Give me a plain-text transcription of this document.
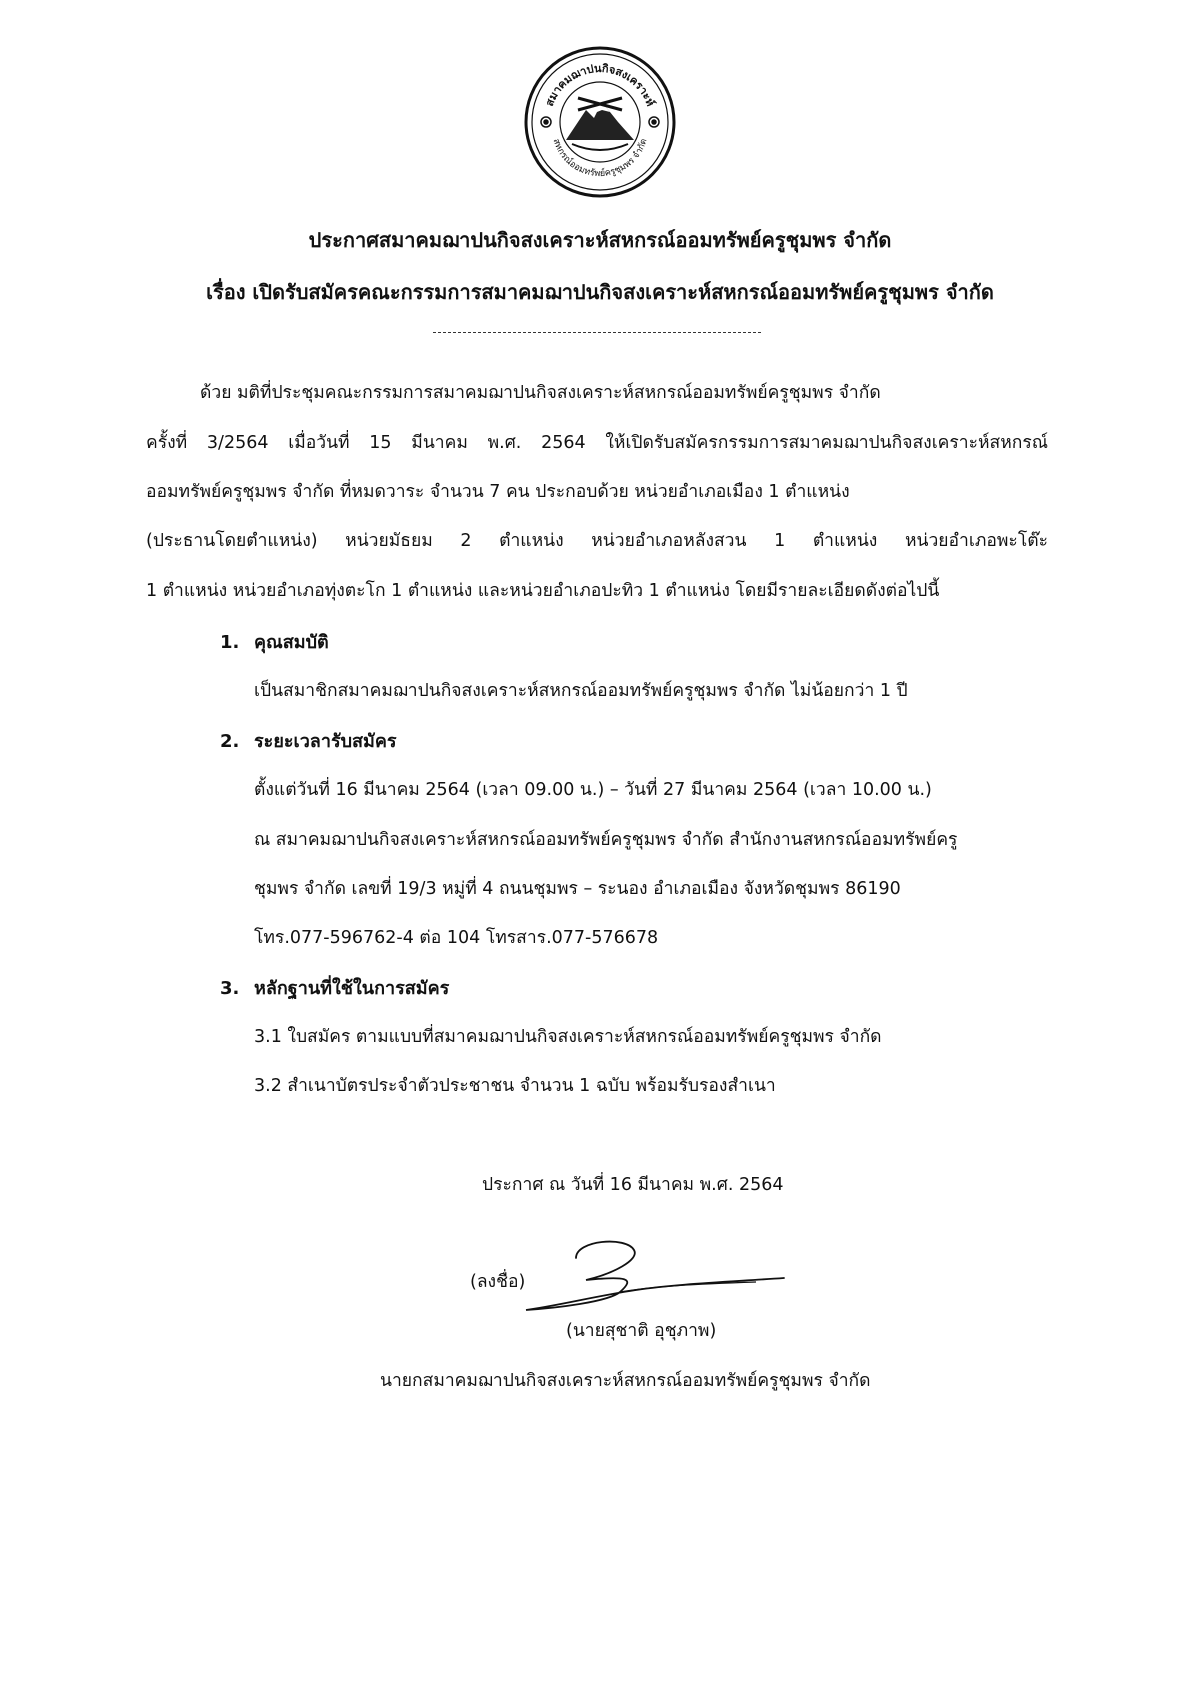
สมาคมฌาปนกิจสงเคราะห์
สหกรณ์ออมทรัพย์ครูชุมพร จำกัด
ประกาศสมาคมฌาปนกิจสงเคราะห์สหกรณ์ออมทรัพย์ครูชุมพร จำกัด
เรื่อง เปิดรับสมัครคณะกรรมการสมาคมฌาปนกิจสงเคราะห์สหกรณ์ออมทรัพย์ครูชุมพร จำกัด
ด้วย มติที่ประชุมคณะกรรมการสมาคมฌาปนกิจสงเคราะห์สหกรณ์ออมทรัพย์ครูชุมพร จำกัด
ครั้งที่ 3/2564 เมื่อวันที่ 15 มีนาคม พ.ศ. 2564 ให้เปิดรับสมัครกรรมการสมาคมฌาปนกิจสงเคราะห์สหกรณ์
ออมทรัพย์ครูชุมพร จำกัด ที่หมดวาระ จำนวน 7 คน ประกอบด้วย หน่วยอำเภอเมือง 1 ตำแหน่ง
(ประธานโดยตำแหน่ง) หน่วยมัธยม 2 ตำแหน่ง หน่วยอำเภอหลังสวน 1 ตำแหน่ง หน่วยอำเภอพะโต๊ะ
1 ตำแหน่ง หน่วยอำเภอทุ่งตะโก 1 ตำแหน่ง และหน่วยอำเภอปะทิว 1 ตำแหน่ง โดยมีรายละเอียดดังต่อไปนี้
1. คุณสมบัติ
เป็นสมาชิกสมาคมฌาปนกิจสงเคราะห์สหกรณ์ออมทรัพย์ครูชุมพร จำกัด ไม่น้อยกว่า 1 ปี
2. ระยะเวลารับสมัคร
ตั้งแต่วันที่ 16 มีนาคม 2564 (เวลา 09.00 น.) – วันที่ 27 มีนาคม 2564 (เวลา 10.00 น.)
ณ สมาคมฌาปนกิจสงเคราะห์สหกรณ์ออมทรัพย์ครูชุมพร จำกัด สำนักงานสหกรณ์ออมทรัพย์ครู
ชุมพร จำกัด เลขที่ 19/3 หมู่ที่ 4 ถนนชุมพร – ระนอง อำเภอเมือง จังหวัดชุมพร 86190
โทร.077-596762-4 ต่อ 104 โทรสาร.077-576678
3. หลักฐานที่ใช้ในการสมัคร
3.1 ใบสมัคร ตามแบบที่สมาคมฌาปนกิจสงเคราะห์สหกรณ์ออมทรัพย์ครูชุมพร จำกัด
3.2 สำเนาบัตรประจำตัวประชาชน จำนวน 1 ฉบับ พร้อมรับรองสำเนา
ประกาศ ณ วันที่ 16 มีนาคม พ.ศ. 2564
(ลงชื่อ)
(นายสุชาติ อุชุภาพ)
นายกสมาคมฌาปนกิจสงเคราะห์สหกรณ์ออมทรัพย์ครูชุมพร จำกัด
